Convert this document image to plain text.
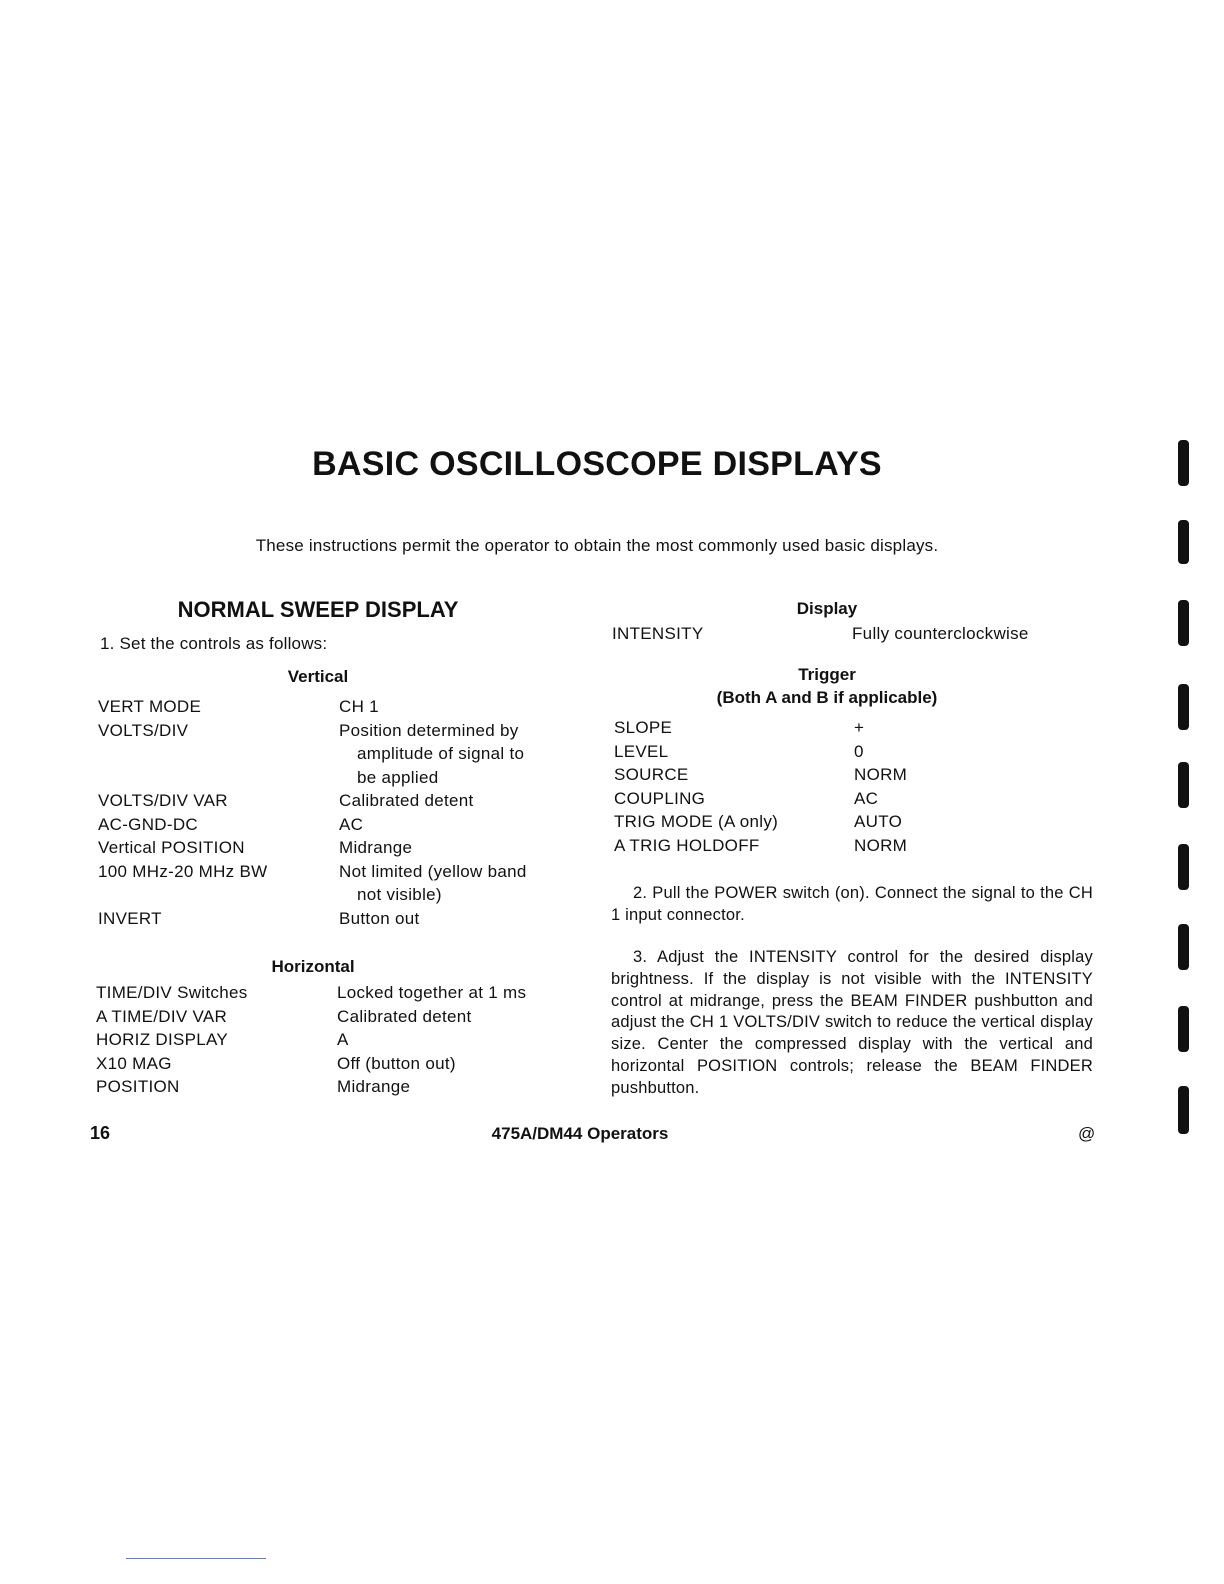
BASIC OSCILLOSCOPE DISPLAYS
These instructions permit the operator to obtain the most commonly used basic displays.
NORMAL SWEEP DISPLAY
1. Set the controls as follows:
Vertical
VERT MODE	CH 1
VOLTS/DIV	Position determined by
amplitude of signal to
be applied
VOLTS/DIV VAR	Calibrated detent
AC-GND-DC	AC
Vertical POSITION	Midrange
100 MHz-20 MHz BW	Not limited (yellow band
not visible)
INVERT	Button out
Horizontal
TIME/DIV Switches	Locked together at 1 ms
A TIME/DIV VAR	Calibrated detent
HORIZ DISPLAY	A
X10 MAG	Off (button out)
POSITION	Midrange
Display
INTENSITY	Fully counterclockwise
Trigger
(Both A and B if applicable)
SLOPE	+
LEVEL	0
SOURCE	NORM
COUPLING	AC
TRIG MODE (A only)	AUTO
A TRIG HOLDOFF	NORM
2. Pull the POWER switch (on). Connect the signal to the CH 1 input connector.
3. Adjust the INTENSITY control for the desired display brightness. If the display is not visible with the INTENSITY control at midrange, press the BEAM FINDER pushbutton and adjust the CH 1 VOLTS/DIV switch to reduce the vertical display size. Center the compressed display with the vertical and horizontal POSITION controls; release the BEAM FINDER pushbutton.
16	475A/DM44 Operators	@
